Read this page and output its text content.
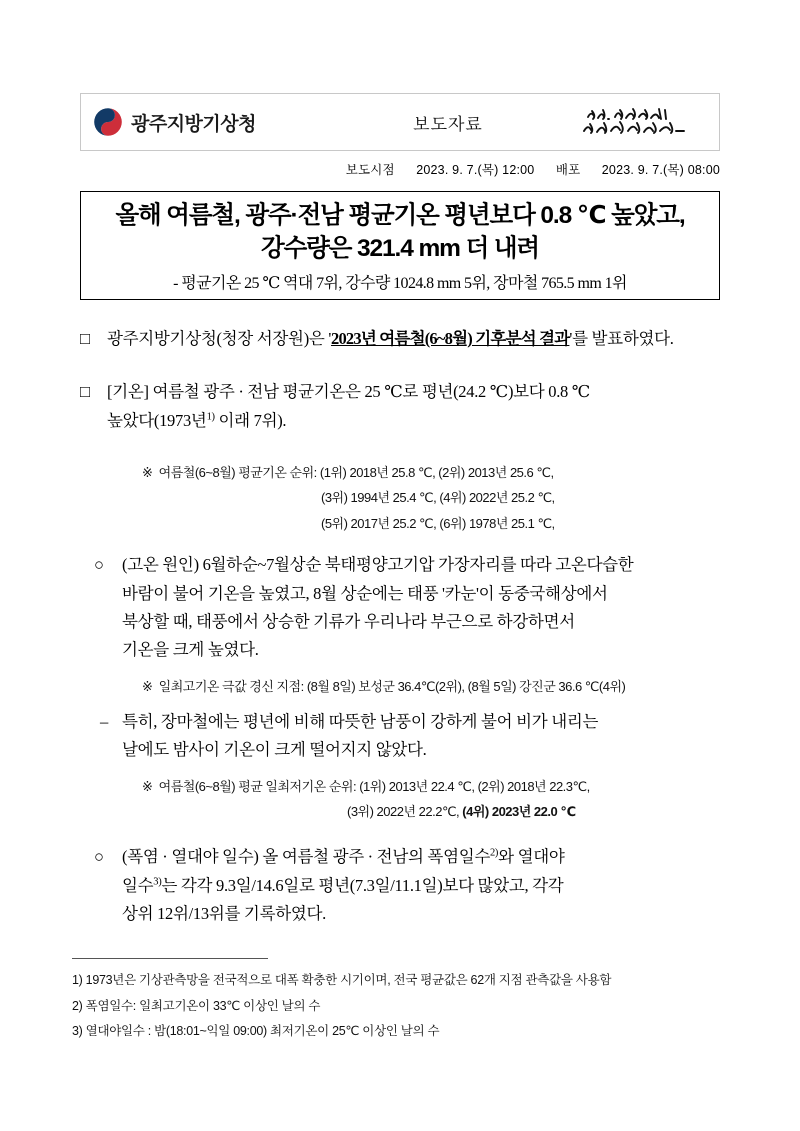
광주지방기상청	보도자료
보도시점 2023. 9. 7.(목) 12:00 배포 2023. 9. 7.(목) 08:00
올해 여름철, 광주·전남 평균기온 평년보다 0.8 ℃ 높았고,
강수량은 321.4 mm 더 내려
- 평균기온 25 ℃ 역대 7위, 강수량 1024.8 mm 5위, 장마철 765.5 mm 1위
□ 광주지방기상청(청장 서장원)은 '2023년 여름철(6~8월) 기후분석 결과'를 발표하였다.
□ [기온] 여름철 광주 · 전남 평균기온은 25 ℃로 평년(24.2 ℃)보다 0.8 ℃
높았다(1973년$^{1)}$ 이래 7위).
※ 여름철(6~8월) 평균기온 순위: (1위) 2018년 25.8 ℃, (2위) 2013년 25.6 ℃,
(3위) 1994년 25.4 ℃, (4위) 2022년 25.2 ℃,
(5위) 2017년 25.2 ℃, (6위) 1978년 25.1 ℃,
○ (고온 원인) 6월하순~7월상순 북태평양고기압 가장자리를 따라 고온다습한
바람이 불어 기온을 높였고, 8월 상순에는 태풍 '카눈'이 동중국해상에서
북상할 때, 태풍에서 상승한 기류가 우리나라 부근으로 하강하면서
기온을 크게 높였다.
※ 일최고기온 극값 경신 지점: (8월 8일) 보성군 36.4℃(2위), (8월 5일) 강진군 36.6 ℃(4위)
– 특히, 장마철에는 평년에 비해 따뜻한 남풍이 강하게 불어 비가 내리는
날에도 밤사이 기온이 크게 떨어지지 않았다.
※ 여름철(6~8월) 평균 일최저기온 순위: (1위) 2013년 22.4 ℃, (2위) 2018년 22.3℃,
(3위) 2022년 22.2℃, (4위) 2023년 22.0 ℃
○ (폭염 · 열대야 일수) 올 여름철 광주 · 전남의 폭염일수$^{2)}$와 열대야
일수$^{3)}$는 각각 9.3일/14.6일로 평년(7.3일/11.1일)보다 많았고, 각각
상위 12위/13위를 기록하였다.
1) 1973년은 기상관측망을 전국적으로 대폭 확충한 시기이며, 전국 평균값은 62개 지점 관측값을 사용함
2) 폭염일수: 일최고기온이 33℃ 이상인 날의 수
3) 열대야일수 : 밤(18:01~익일 09:00) 최저기온이 25℃ 이상인 날의 수
